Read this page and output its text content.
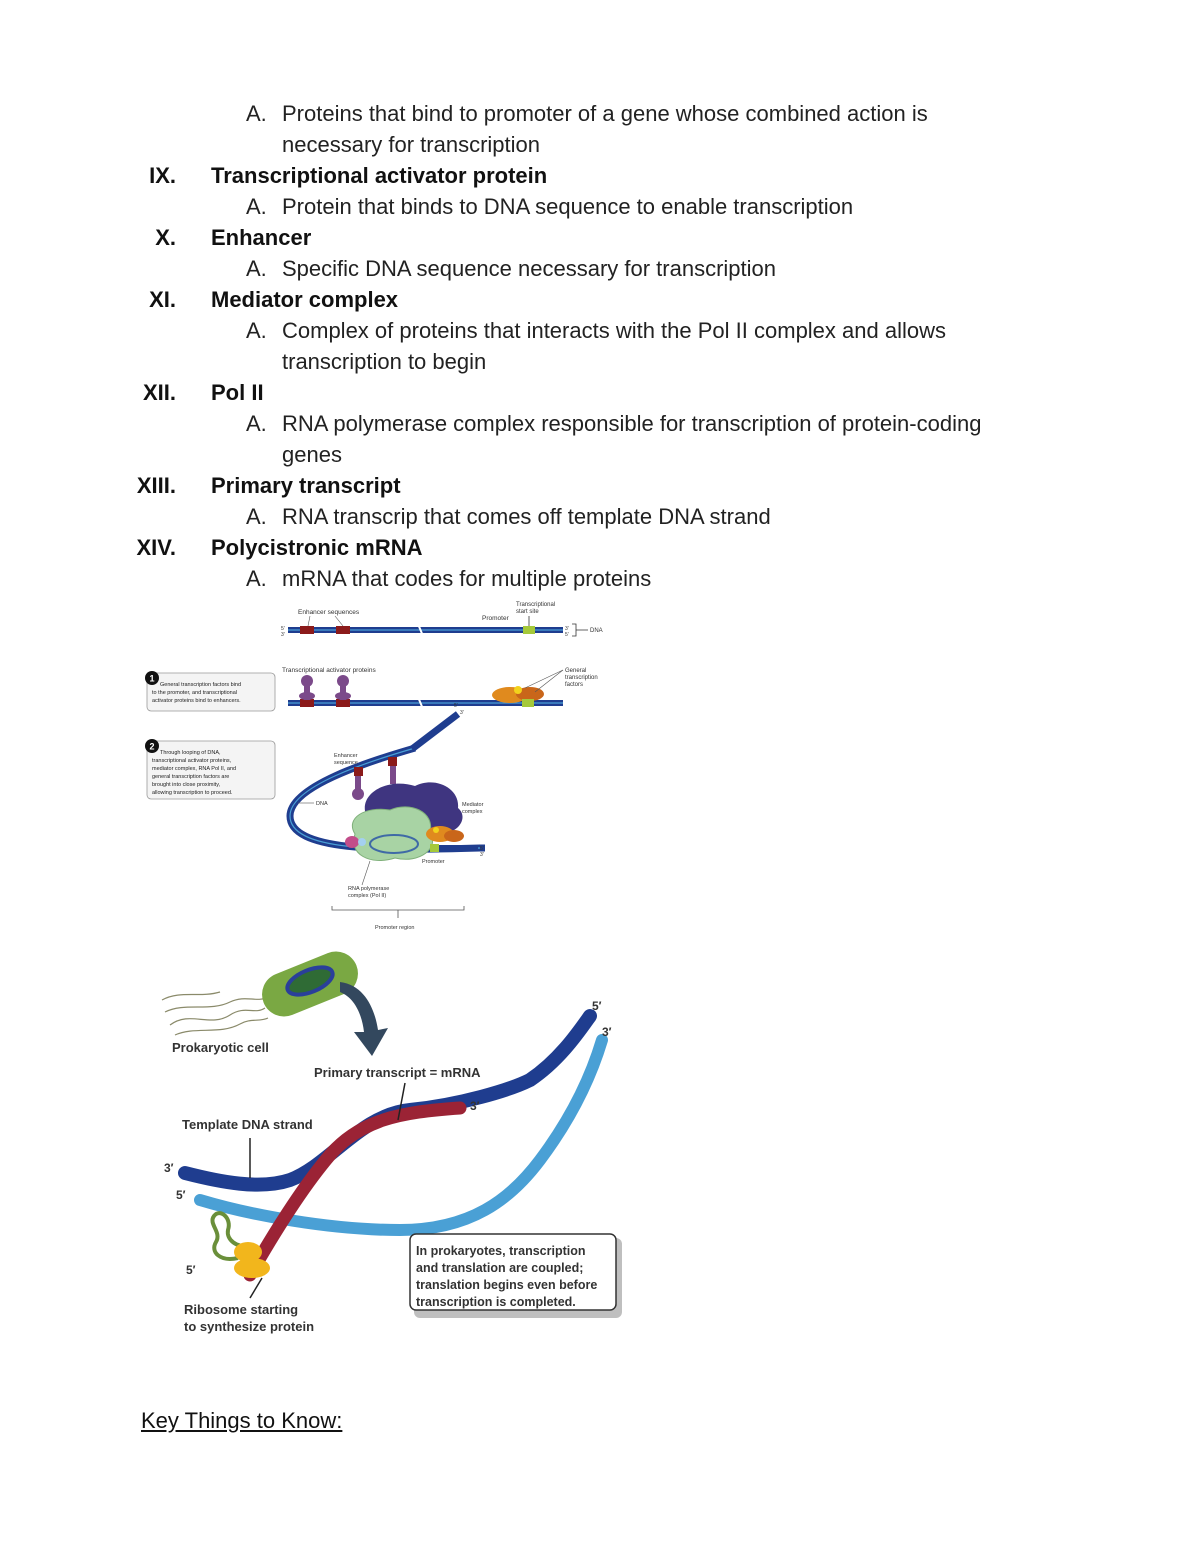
A. Proteins that bind to promoter of a gene whose combined action is
necessary for transcription
IX. Transcriptional activator protein
A. Protein that binds to DNA sequence to enable transcription
X. Enhancer
A. Specific DNA sequence necessary for transcription
XI. Mediator complex
A. Complex of proteins that interacts with the Pol II complex and allows
transcription to begin
XII. Pol II
A. RNA polymerase complex responsible for transcription of protein-coding
genes
XIII. Primary transcript
A. RNA transcrip that comes off template DNA strand
XIV. Polycistronic mRNA
A. mRNA that codes for multiple proteins
Enhancer sequences
Transcriptional
start site
Promoter
5′
3′
3′
5′
DNA
Transcriptional activator proteins	General
transcription
factors
1
General transcription factors bind
to the promoter, and transcriptional
activator proteins bind to enhancers.
2
Through looping of DNA,
transcriptional activator proteins,
mediator complex, RNA Pol II, and
general transcription factors are
brought into close proximity,
allowing transcription to proceed.
DNA
5′
3′
5′
3′
Enhancer
sequence
Mediator
complex
Promoter
RNA polymerase
complex (Pol II)
Promoter region
Prokaryotic cell
Primary transcript = mRNA
Template DNA strand
5′
3′
3′
3′
5′
5′
Ribosome starting
to synthesize protein
In prokaryotes, transcription
and translation are coupled;
translation begins even before
transcription is completed.
Key Things to Know:
